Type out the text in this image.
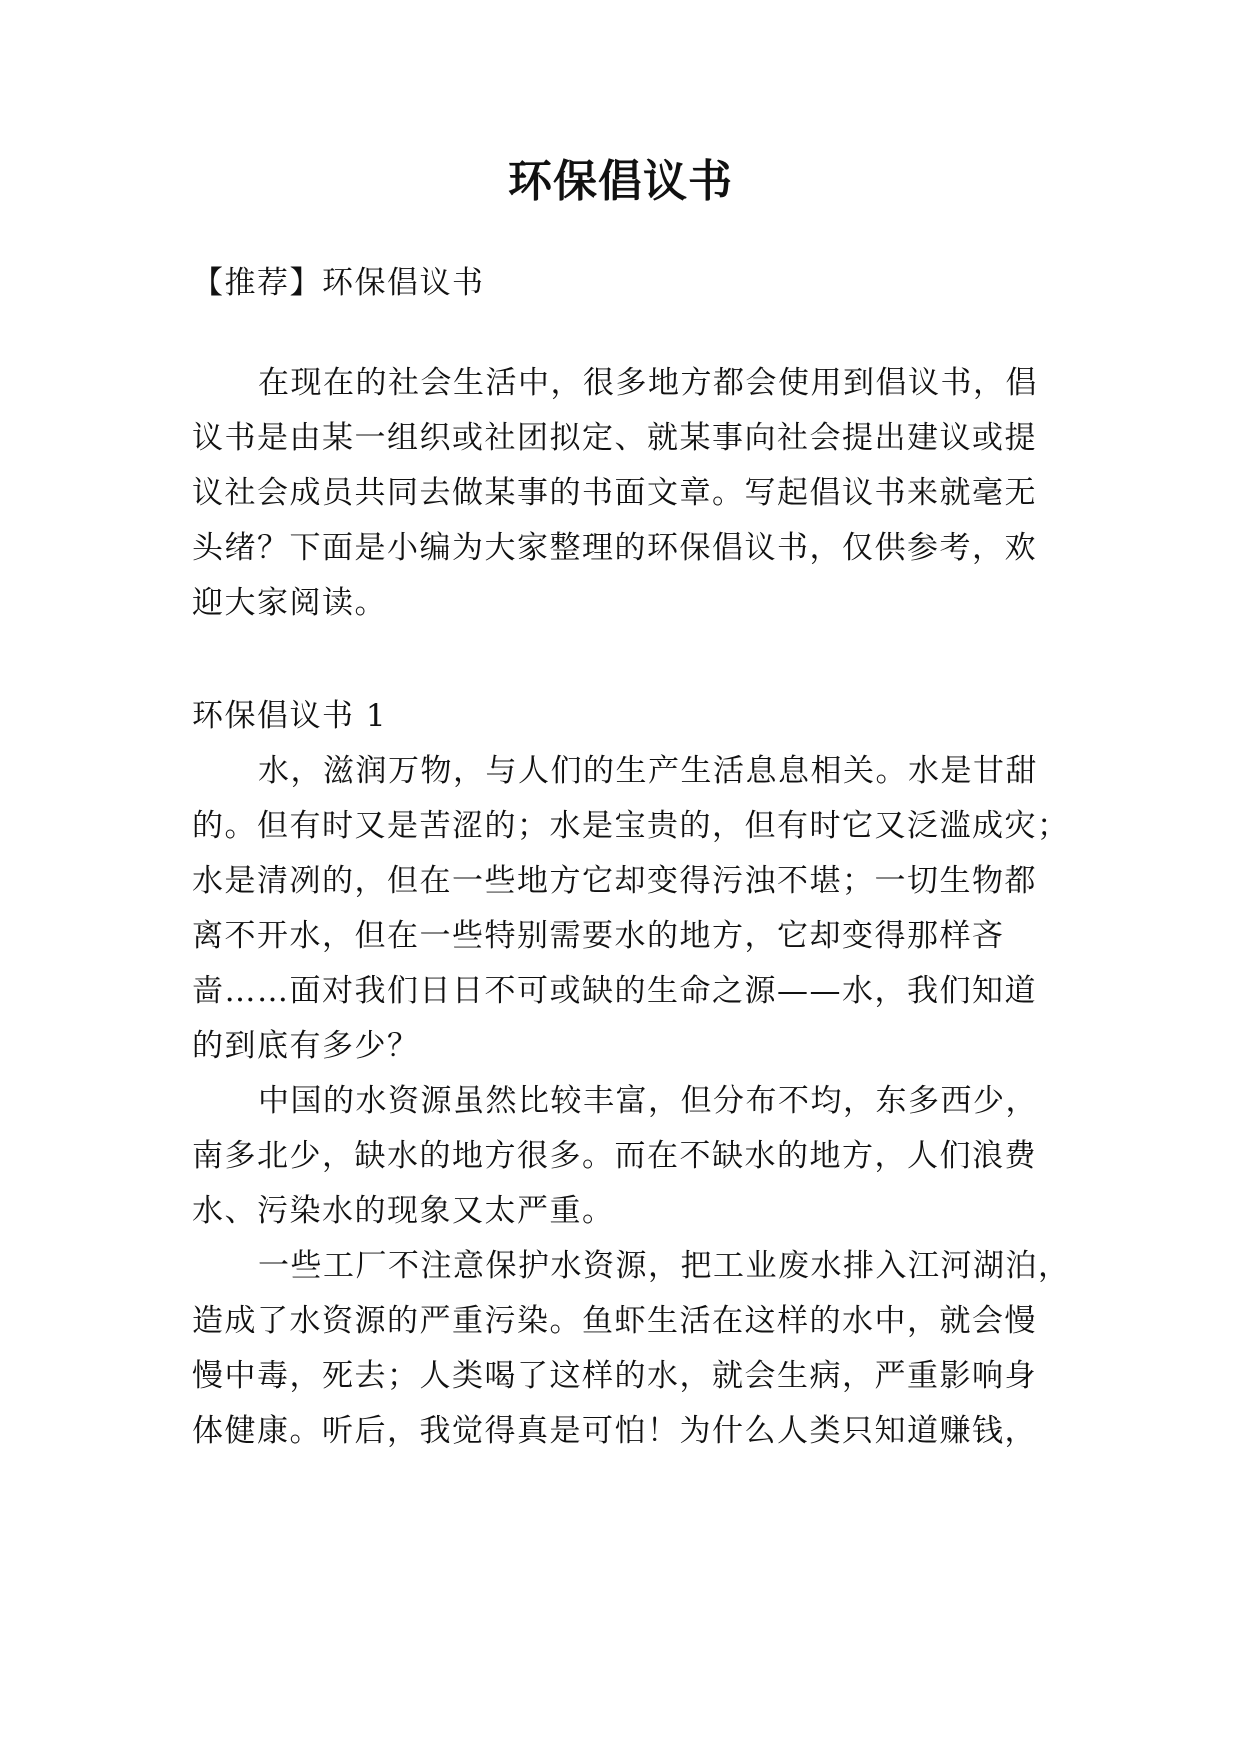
环保倡议书
【推荐】环保倡议书
在现在的社会生活中，很多地方都会使用到倡议书，倡
议书是由某一组织或社团拟定、就某事向社会提出建议或提
议社会成员共同去做某事的书面文章。写起倡议书来就毫无
头绪？下面是小编为大家整理的环保倡议书，仅供参考，欢
迎大家阅读。
环保倡议书 1
水，滋润万物，与人们的生产生活息息相关。水是甘甜
的。但有时又是苦涩的；水是宝贵的，但有时它又泛滥成灾；
水是清冽的，但在一些地方它却变得污浊不堪；一切生物都
离不开水，但在一些特别需要水的地方，它却变得那样吝
啬……面对我们日日不可或缺的生命之源——水，我们知道
的到底有多少？
中国的水资源虽然比较丰富，但分布不均，东多西少，
南多北少，缺水的地方很多。而在不缺水的地方，人们浪费
水、污染水的现象又太严重。
一些工厂不注意保护水资源，把工业废水排入江河湖泊，
造成了水资源的严重污染。鱼虾生活在这样的水中，就会慢
慢中毒，死去；人类喝了这样的水，就会生病，严重影响身
体健康。听后，我觉得真是可怕！为什么人类只知道赚钱，
